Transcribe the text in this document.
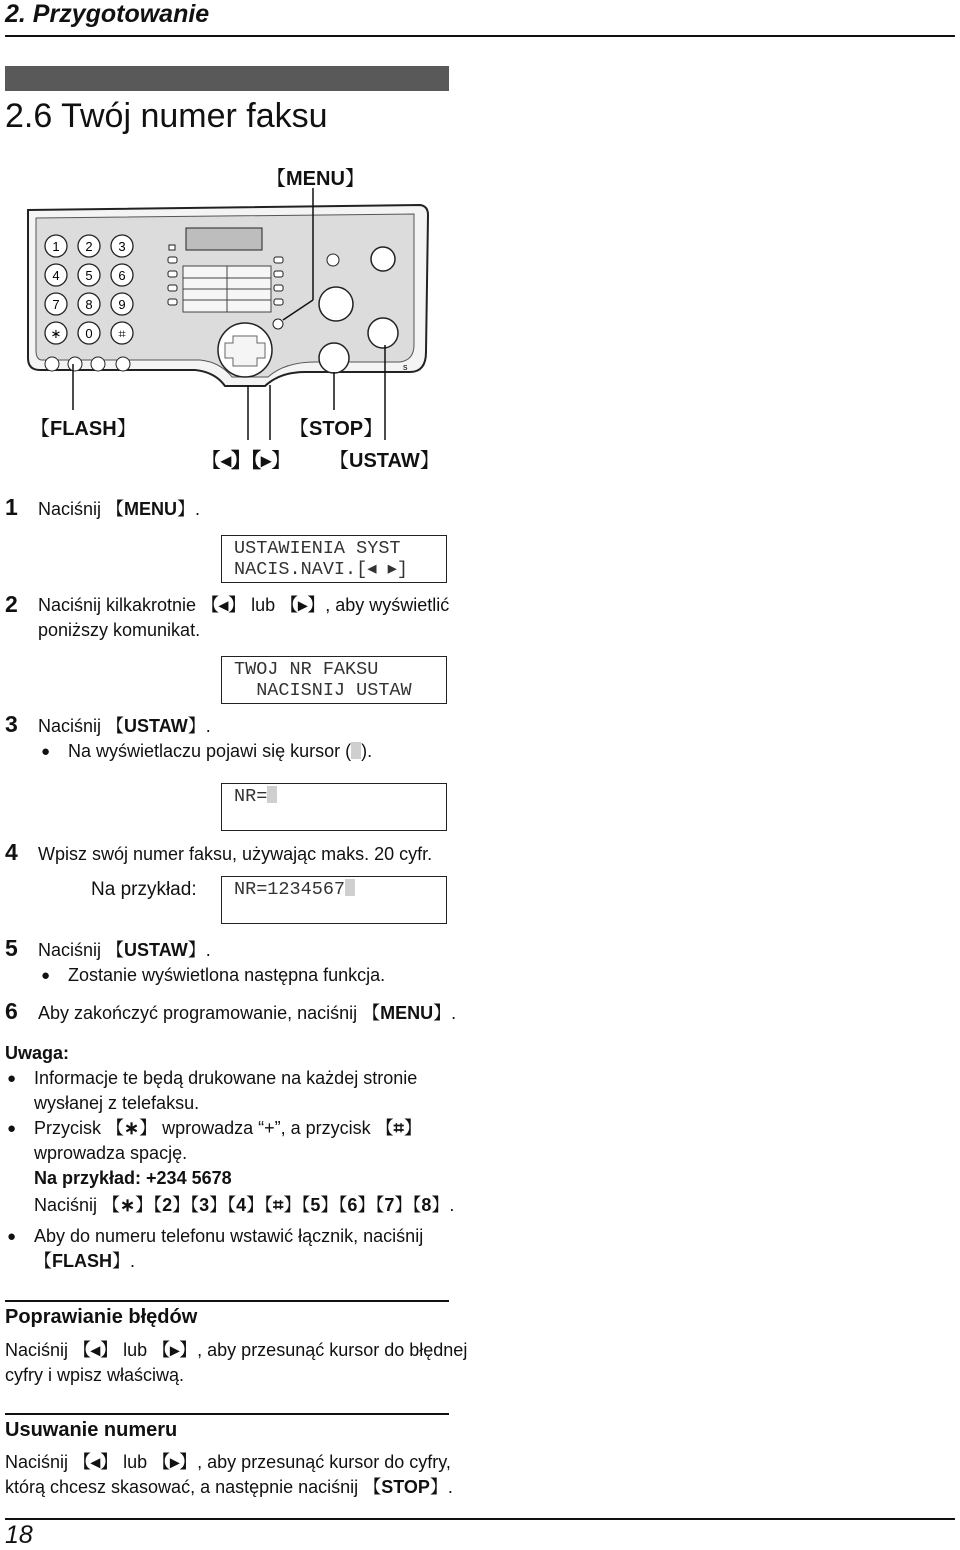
2. Przygotowanie
2.6 Twój numer faksu
【 MENU 】
1 2 3
4 5 6
7 8 9
∗ 0 ⌗
s
【 FLASH 】	【 STOP 】
【 ◂】【▸ 】	【 USTAW 】
1 Naciśnij 【 MENU 】 .
USTAWIENIA SYST
NACIS.NAVI.[◂ ▸]
2 Naciśnij kilkakrotnie 【 ◂ 】 lub 【 ▸ 】 , aby wyświetlić
poniższy komunikat.
TWOJ NR FAKSU
NACISNIJ USTAW
3 Naciśnij 【 USTAW 】 .
● Na wyświetlaczu pojawi się kursor ( ).
NR=
4 Wpisz swój numer faksu, używając maks. 20 cyfr.
Na przykład:	NR=1234567
5 Naciśnij 【 USTAW 】 .
● Zostanie wyświetlona następna funkcja.
6 Aby zakończyć programowanie, naciśnij 【 MENU 】 .
Uwaga:
● Informacje te będą drukowane na każdej stronie
wysłanej z telefaksu.
● Przycisk 【 ∗ 】 wprowadza “+”, a przycisk 【 ⌗ 】
wprowadza spację.
Na przykład: +234 5678
Naciśnij 【 ∗ 】 【 2 】 【 3 】 【 4 】 【 ⌗ 】 【 5 】 【 6 】 【 7 】 【 8 】 .
● Aby do numeru telefonu wstawić łącznik, naciśnij
【 FLASH 】 .
Poprawianie błędów
Naciśnij 【 ◂ 】 lub 【 ▸ 】 , aby przesunąć kursor do błędnej
cyfry i wpisz właściwą.
Usuwanie numeru
Naciśnij 【 ◂ 】 lub 【 ▸ 】 , aby przesunąć kursor do cyfry,
którą chcesz skasować, a następnie naciśnij 【 STOP 】 .
18
